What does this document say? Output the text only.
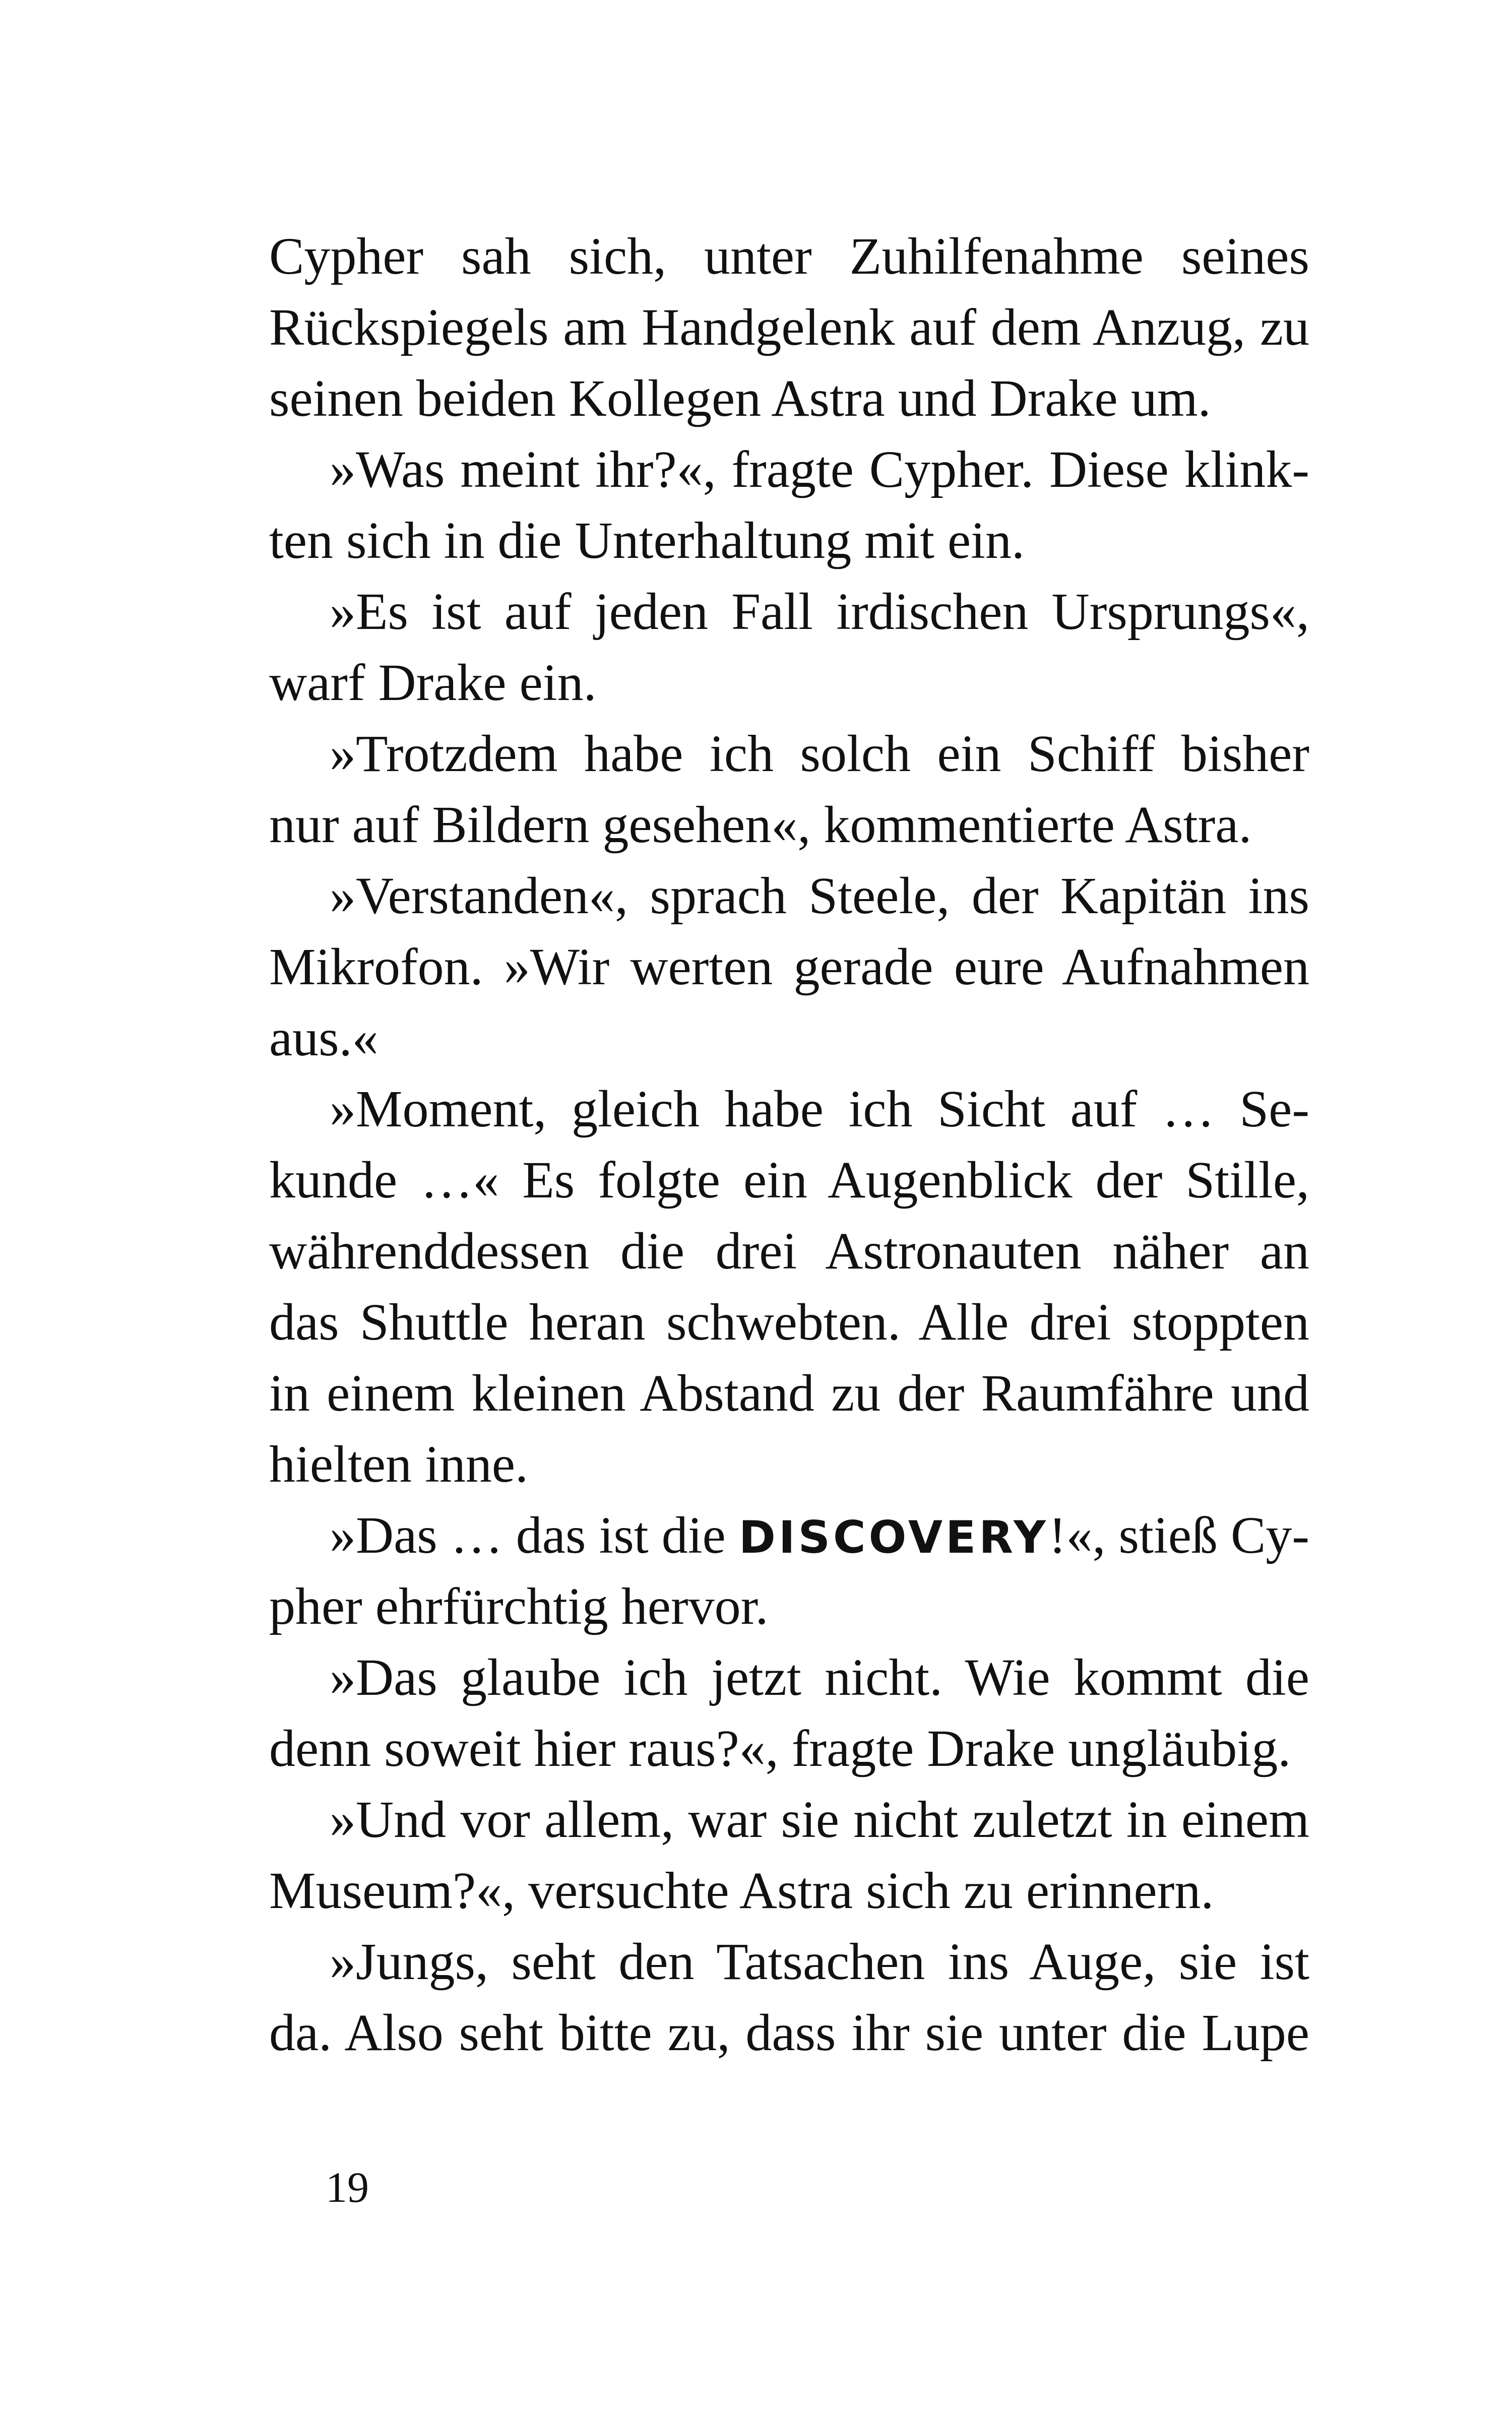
Cypher sah sich, unter Zuhilfenahme seines
Rückspiegels am Handgelenk auf dem Anzug, zu
seinen beiden Kollegen Astra und Drake um.
»Was meint ihr?«, fragte Cypher. Diese klink-
ten sich in die Unterhaltung mit ein.
»Es ist auf jeden Fall irdischen Ursprungs«,
warf Drake ein.
»Trotzdem habe ich solch ein Schiff bisher
nur auf Bildern gesehen«, kommentierte Astra.
»Verstanden«, sprach Steele, der Kapitän ins
Mikrofon. »Wir werten gerade eure Aufnahmen
aus.«
»Moment, gleich habe ich Sicht auf … Se-
kunde …« Es folgte ein Augenblick der Stille,
währenddessen die drei Astronauten näher an
das Shuttle heran schwebten. Alle drei stoppten
in einem kleinen Abstand zu der Raumfähre und
hielten inne.
»Das … das ist die DISCOVERY!«, stieß Cy-
pher ehrfürchtig hervor.
»Das glaube ich jetzt nicht. Wie kommt die
denn soweit hier raus?«, fragte Drake ungläubig.
»Und vor allem, war sie nicht zuletzt in einem
Museum?«, versuchte Astra sich zu erinnern.
»Jungs, seht den Tatsachen ins Auge, sie ist
da. Also seht bitte zu, dass ihr sie unter die Lupe
19
